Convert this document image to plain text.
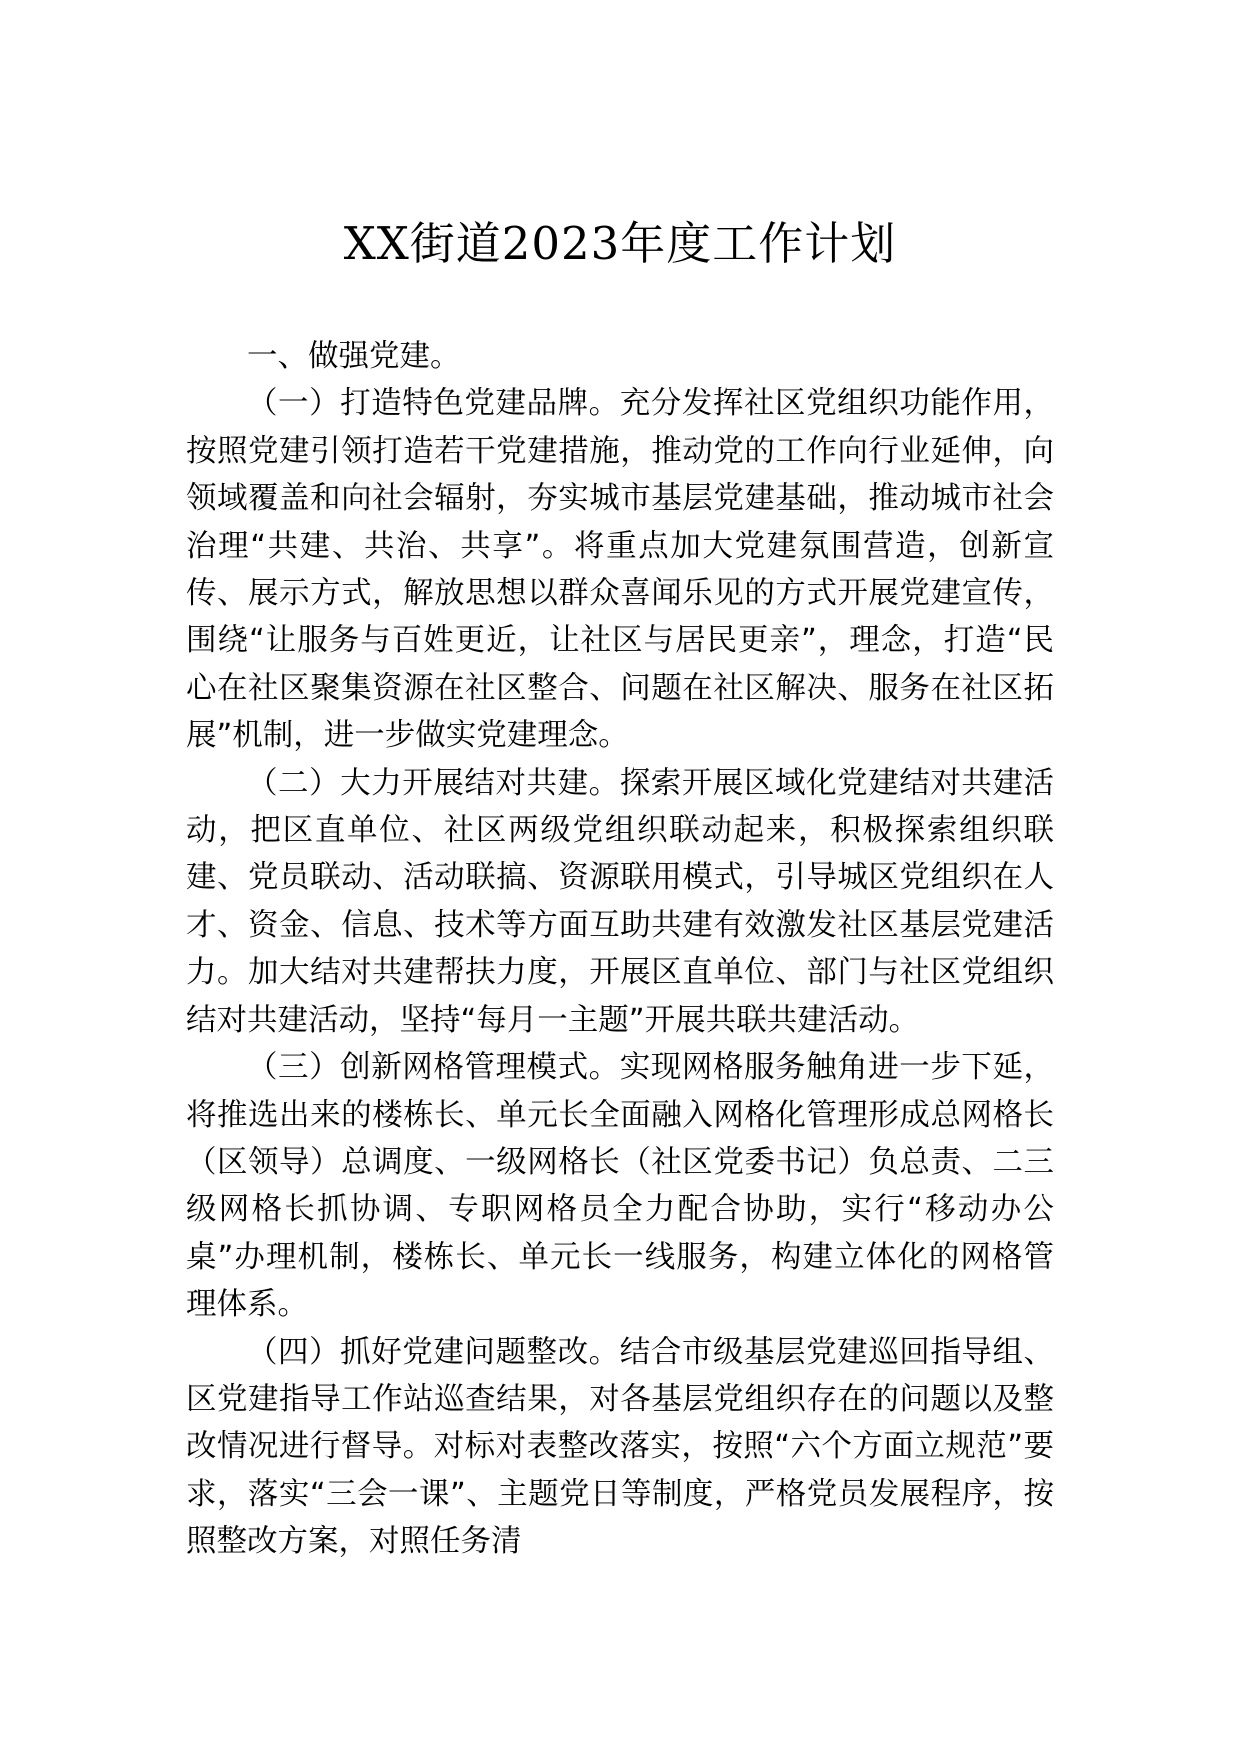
XX街道2023年度工作计划

一、做强党建。

（一）打造特色党建品牌。充分发挥社区党组织功能作用，按照党建引领打造若干党建措施，推动党的工作向行业延伸，向领域覆盖和向社会辐射，夯实城市基层党建基础，推动城市社会治理“共建、共治、共享”。将重点加大党建氛围营造，创新宣传、展示方式，解放思想以群众喜闻乐见的方式开展党建宣传，围绕“让服务与百姓更近，让社区与居民更亲”，理念，打造“民心在社区聚集资源在社区整合、问题在社区解决、服务在社区拓展”机制，进一步做实党建理念。

（二）大力开展结对共建。探索开展区域化党建结对共建活动，把区直单位、社区两级党组织联动起来，积极探索组织联建、党员联动、活动联搞、资源联用模式，引导城区党组织在人才、资金、信息、技术等方面互助共建有效激发社区基层党建活力。加大结对共建帮扶力度，开展区直单位、部门与社区党组织结对共建活动，坚持“每月一主题”开展共联共建活动。

（三）创新网格管理模式。实现网格服务触角进一步下延，将推选出来的楼栋长、单元长全面融入网格化管理形成总网格长（区领导）总调度、一级网格长（社区党委书记）负总责、二三级网格长抓协调、专职网格员全力配合协助，实行“移动办公桌”办理机制，楼栋长、单元长一线服务，构建立体化的网格管理体系。

（四）抓好党建问题整改。结合市级基层党建巡回指导组、区党建指导工作站巡查结果，对各基层党组织存在的问题以及整改情况进行督导。对标对表整改落实，按照“六个方面立规范”要求，落实“三会一课”、主题党日等制度，严格党员发展程序，按照整改方案，对照任务清
